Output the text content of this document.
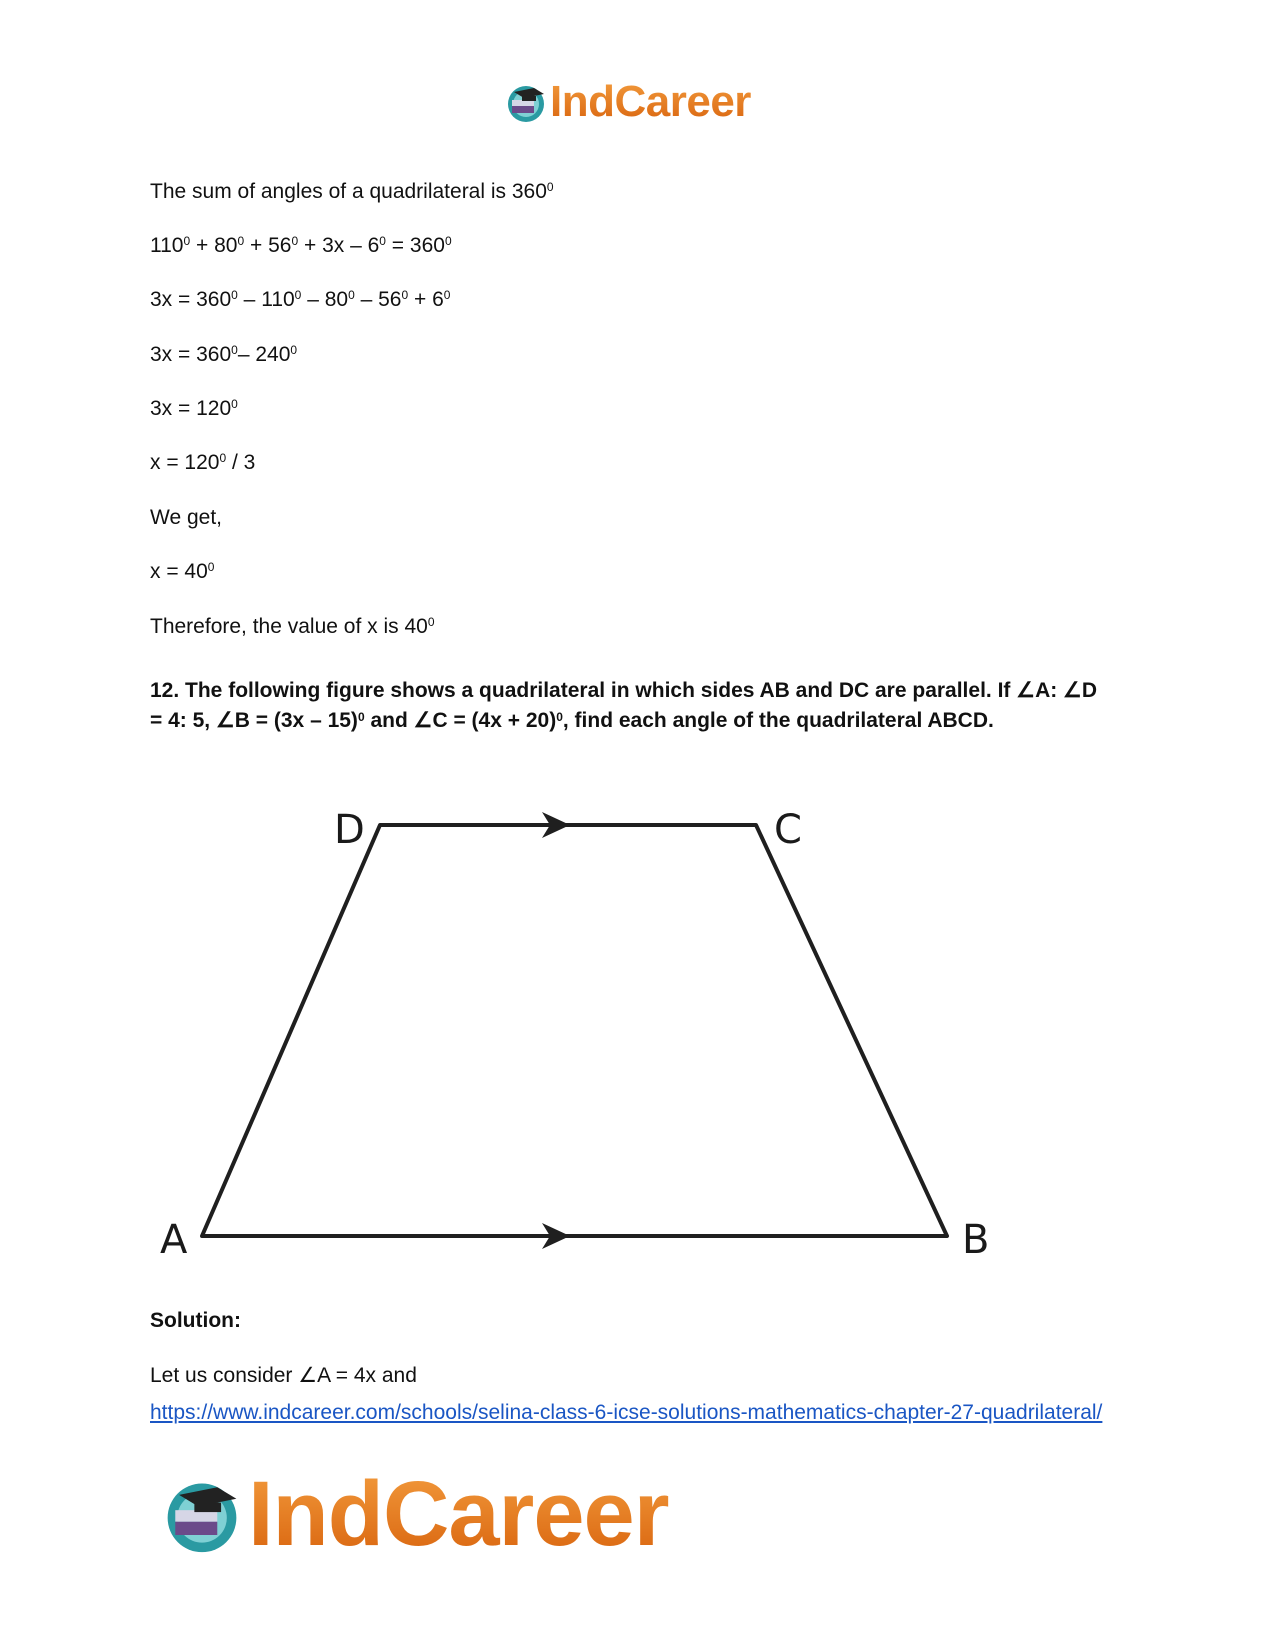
IndCareer

The sum of angles of a quadrilateral is $360^0$

$110^0 + 80^0 + 56^0 + 3x - 6^0 = 360^0$

$3x = 360^0 - 110^0 - 80^0 - 56^0 + 6^0$

$3x = 360^0-$ $240^0$

$3x = 120^0$

$x = 120^0 / 3$

We get,

$x = 40^0$

Therefore, the value of x is $40^0$

12. The following figure shows a quadrilateral in which sides AB and DC are parallel. If ∠A: ∠D = 4: 5, ∠B = (3x – 15)$^0$ and ∠C = $(4x + 20)^0$, find each angle of the quadrilateral ABCD.

D	C
A	B

Solution:

Let us consider ∠A = 4x and

https://www.indcareer.com/schools/selina-class-6-icse-solutions-mathematics-chapter-27-quadrilateral/
IndCareer
